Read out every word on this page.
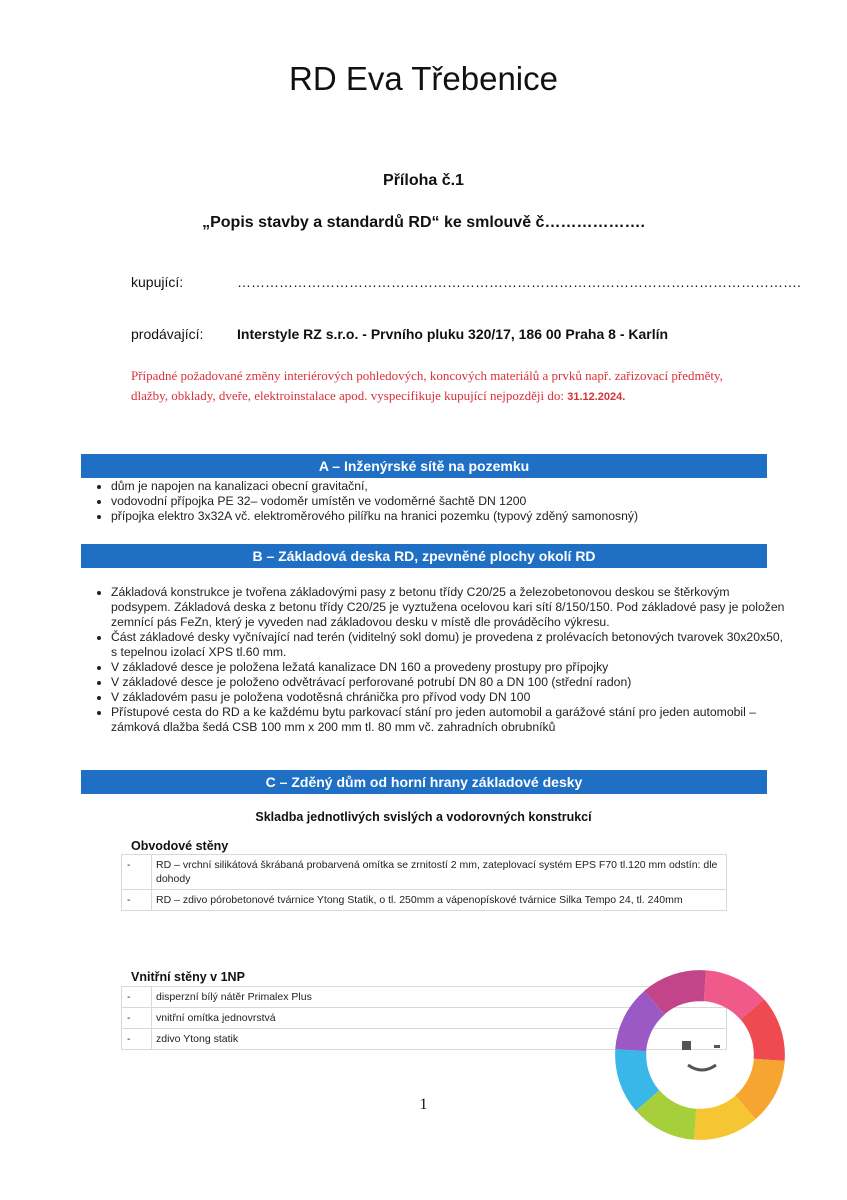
RD Eva Třebenice
Příloha č.1
„Popis stavby a standardů RD“ ke smlouvě č……………….
kupující:	………………………………………………………………………………………………………….
prodávající:	Interstyle RZ s.r.o. - Prvního pluku 320/17, 186 00 Praha 8 - Karlín
Případné požadované změny interiérových pohledových, koncových materiálů a prvků např. zařizovací předměty, dlažby, obklady, dveře, elektroinstalace apod. vyspecifikuje kupující nejpozději do: 31.12.2024.
A – Inženýrské sítě na pozemku
• dům je napojen na kanalizaci obecní gravitační,
• vodovodní přípojka PE 32– vodoměr umístěn ve vodoměrné šachtě DN 1200
• přípojka elektro 3x32A vč. elektroměrového pilířku na hranici pozemku (typový zděný samonosný)
B – Základová deska RD, zpevněné plochy okolí RD
• Základová konstrukce je tvořena základovými pasy z betonu třídy C20/25 a železobetonovou deskou se štěrkovým podsypem. Základová deska z betonu třídy C20/25 je vyztužena ocelovou kari sítí 8/150/150. Pod základové pasy je položen zemnící pás FeZn, který je vyveden nad základovou desku v místě dle prováděcího výkresu.
• Část základové desky vyčnívající nad terén (viditelný sokl domu) je provedena z prolévacích betonových tvarovek 30x20x50, s tepelnou izolací XPS tl.60 mm.
• V základové desce je položena ležatá kanalizace DN 160 a provedeny prostupy pro přípojky
• V základové desce je položeno odvětrávací perforované potrubí DN 80 a DN 100 (střední radon)
• V základovém pasu je položena vodotěsná chránička pro přívod vody DN 100
• Přístupové cesta do RD a ke každému bytu parkovací stání pro jeden automobil a garážové stání pro jeden automobil – zámková dlažba šedá CSB 100 mm x 200 mm tl. 80 mm vč. zahradních obrubníků
C – Zděný dům od horní hrany základové desky
Skladba jednotlivých svislých a vodorovných konstrukcí
Obvodové stěny
-	RD – vrchní silikátová škrábaná probarvená omítka se zrnitostí 2 mm, zateplovací systém EPS F70 tl.120 mm odstín: dle dohody
-	RD – zdivo pórobetonové tvárnice Ytong Statik, o tl. 250mm a vápenopískové tvárnice Silka Tempo 24, tl. 240mm
Vnitřní stěny v 1NP
-	disperzní bílý nátěr Primalex Plus
-	vnitřní omítka jednovrstvá
-	zdivo Ytong statik
1
